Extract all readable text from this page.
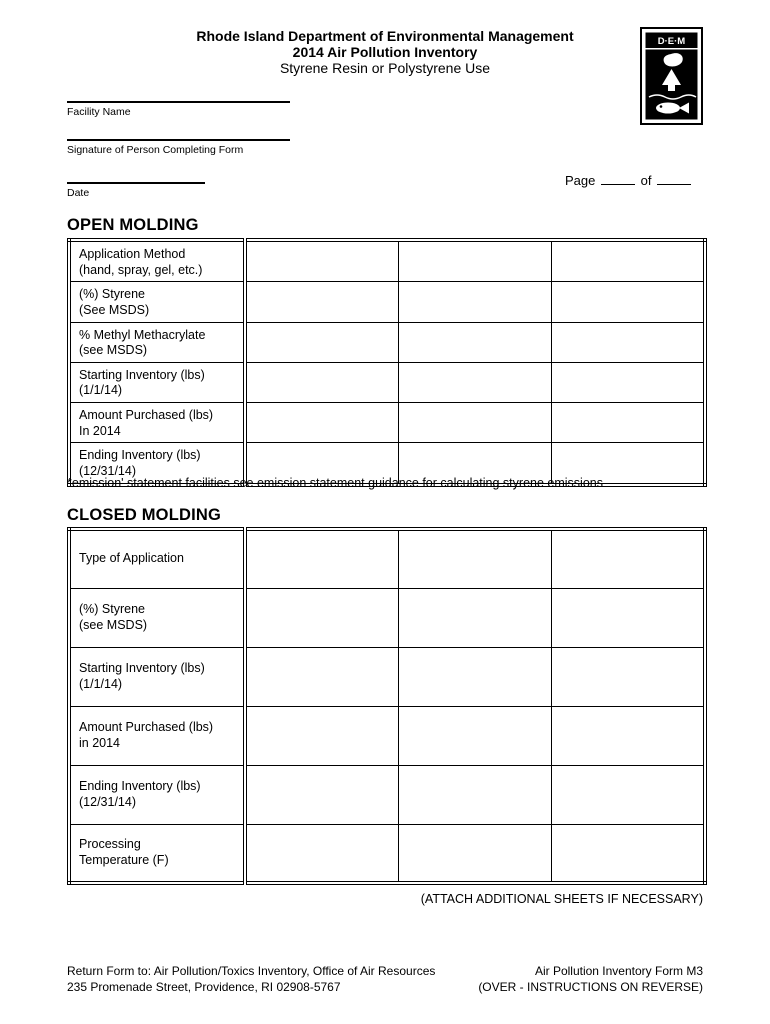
Rhode Island Department of Environmental Management
2014 Air Pollution Inventory
Styrene Resin or Polystyrene Use
D·E·M
Facility Name
Signature of Person Completing Form
Date
Page	of
OPEN MOLDING
Application Method
(hand, spray, gel, etc.)			

(%) Styrene
(See MSDS)			

% Methyl Methacrylate
(see MSDS)			

Starting Inventory (lbs)
(1/1/14)			

Amount Purchased (lbs)
In 2014			

Ending Inventory (lbs)
(12/31/14)			

*emission' statement facilities see emission statement guidance for calculating styrene emissions
CLOSED MOLDING
Type of Application			

(%) Styrene
(see MSDS)			

Starting Inventory (lbs)
(1/1/14)			

Amount Purchased (lbs)
in 2014			

Ending Inventory (lbs)
(12/31/14)			

Processing
Temperature (F)			

(ATTACH ADDITIONAL SHEETS IF NECESSARY)
Return Form to: Air Pollution/Toxics Inventory, Office of Air Resources
235 Promenade Street, Providence, RI 02908-5767
Air Pollution Inventory Form M3
(OVER - INSTRUCTIONS ON REVERSE)
